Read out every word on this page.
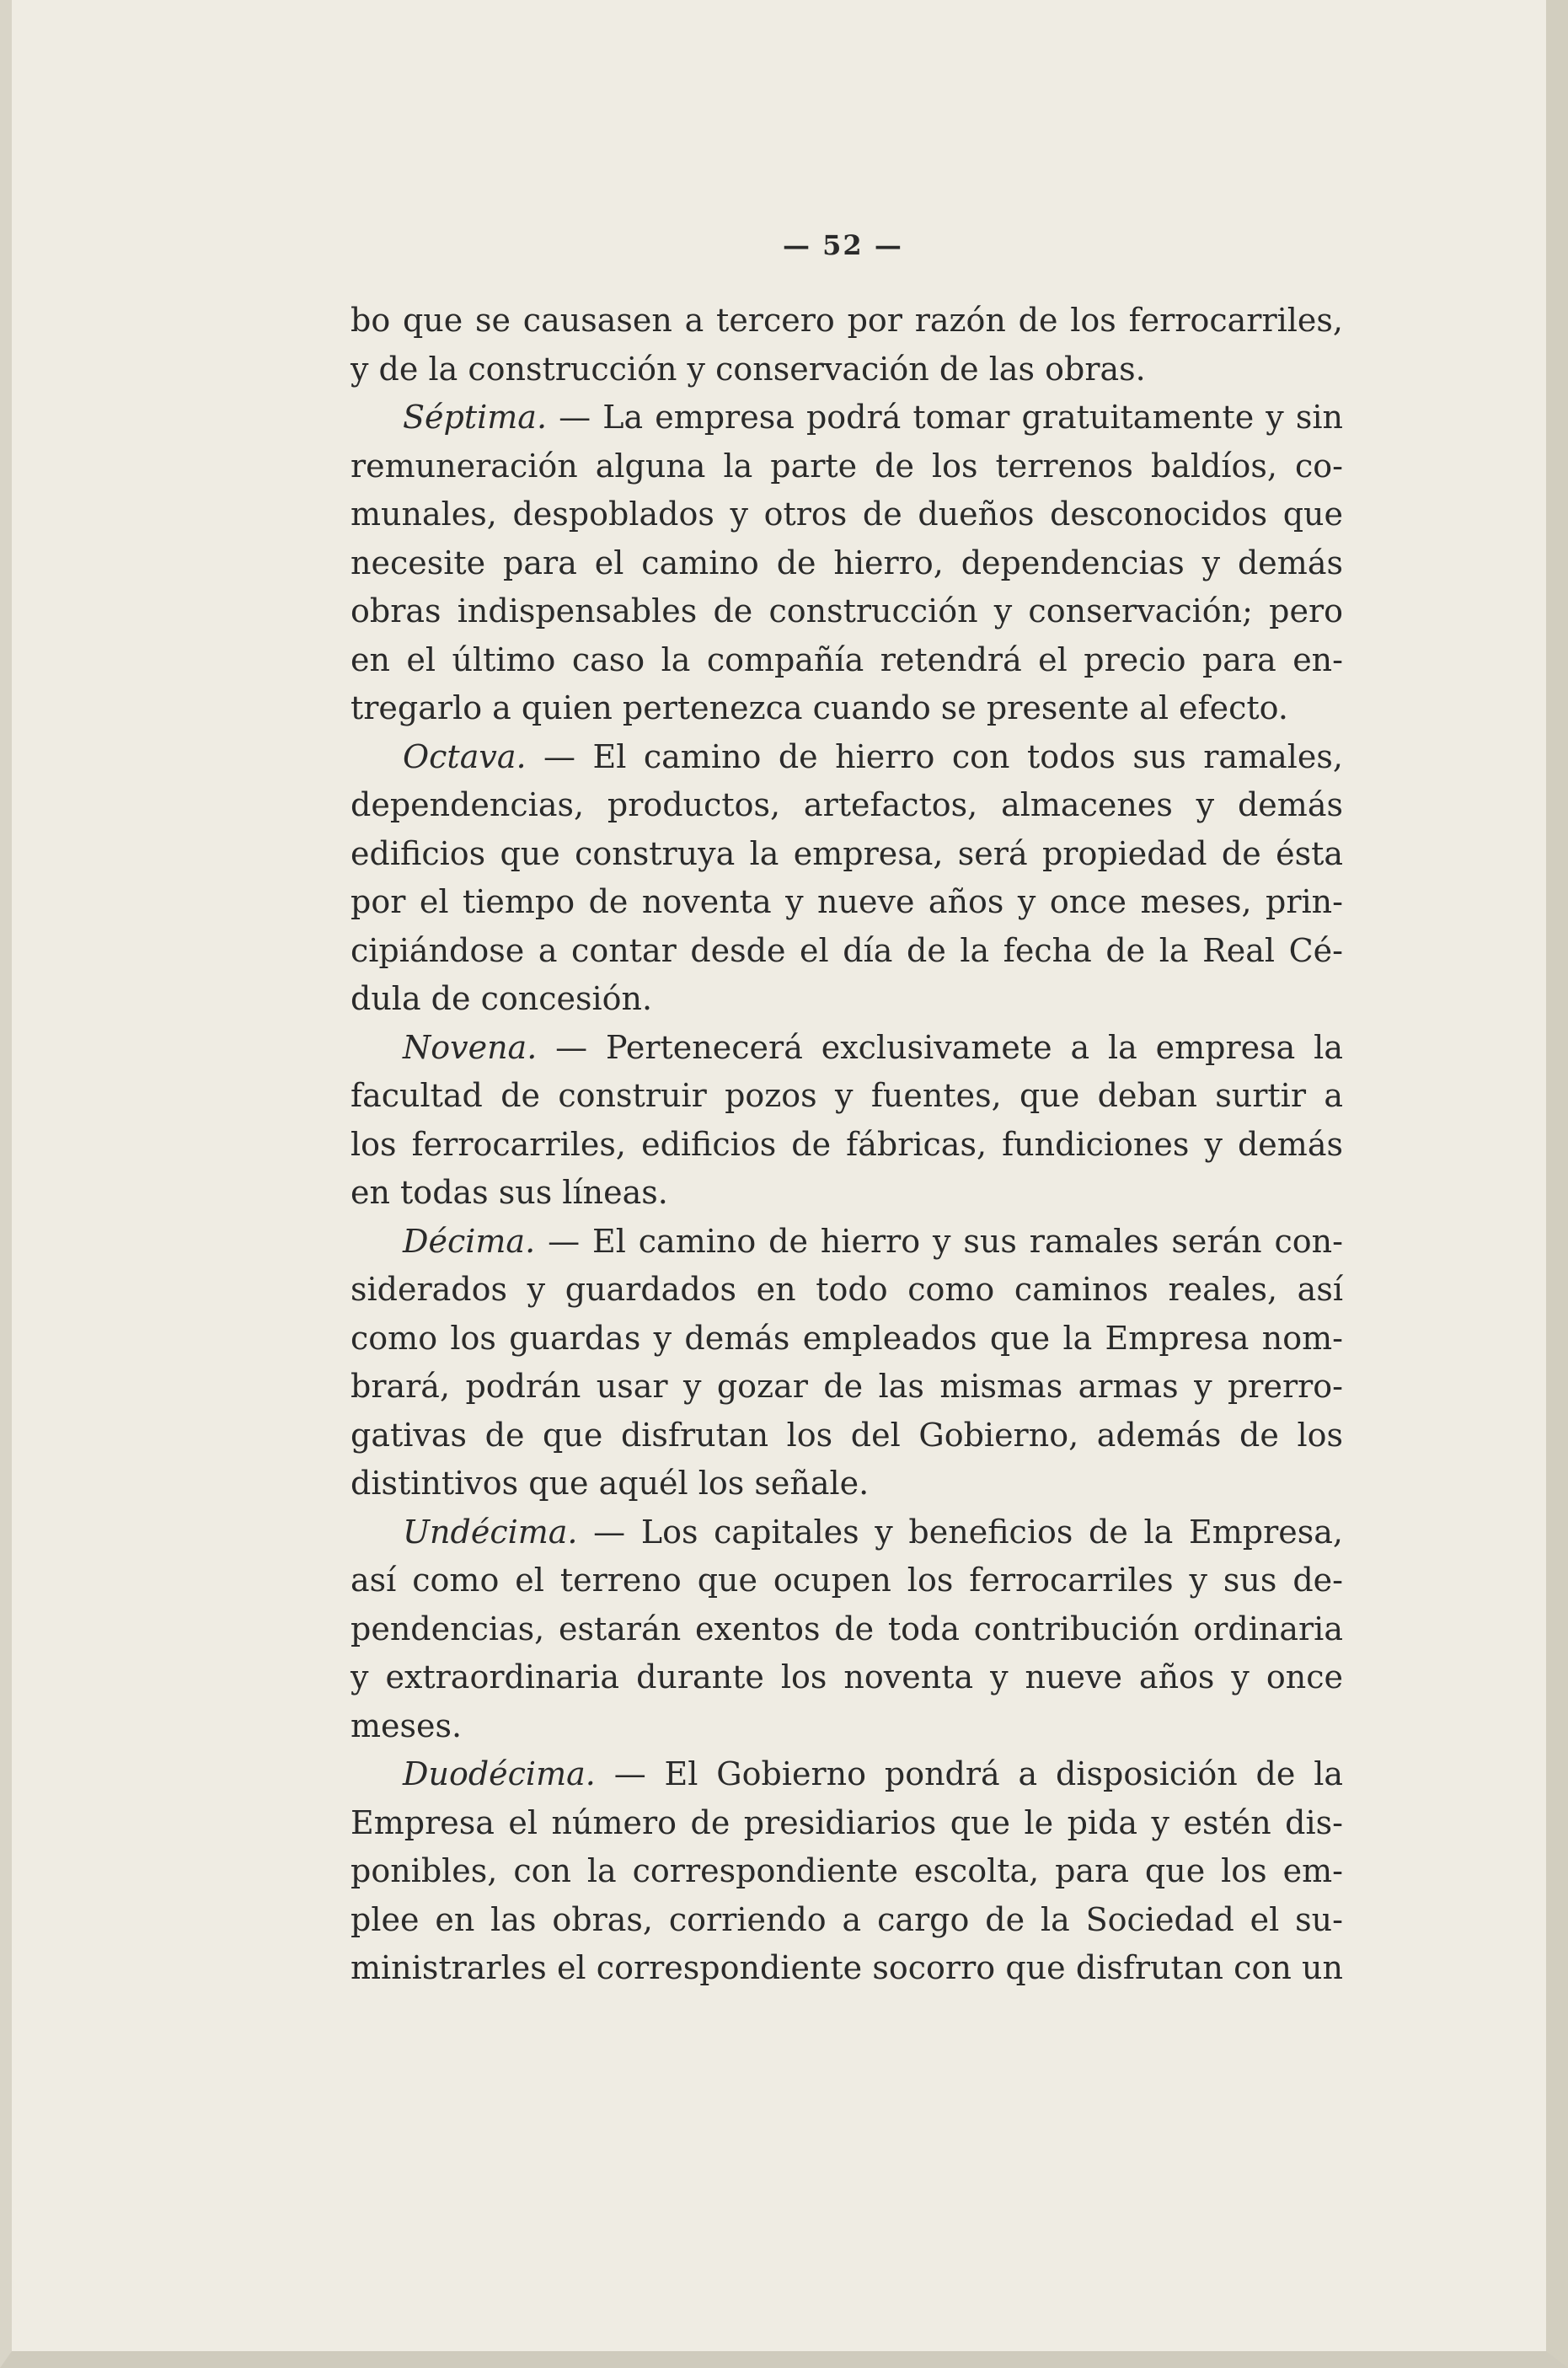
— 52 —
bo que se causasen a tercero por razón de los ferrocarriles,
y de la construcción y conservación de las obras.
Séptima. — La empresa podrá tomar gratuitamente y sin
remuneración alguna la parte de los terrenos baldíos, co-
munales, despoblados y otros de dueños desconocidos que
necesite para el camino de hierro, dependencias y demás
obras indispensables de construcción y conservación; pero
en el último caso la compañía retendrá el precio para en-
tregarlo a quien pertenezca cuando se presente al efecto.
Octava. — El camino de hierro con todos sus ramales,
dependencias, productos, artefactos, almacenes y demás
edificios que construya la empresa, será propiedad de ésta
por el tiempo de noventa y nueve años y once meses, prin-
cipiándose a contar desde el día de la fecha de la Real Cé-
dula de concesión.
Novena. — Pertenecerá exclusivamete a la empresa la
facultad de construir pozos y fuentes, que deban surtir a
los ferrocarriles, edificios de fábricas, fundiciones y demás
en todas sus líneas.
Décima. — El camino de hierro y sus ramales serán con-
siderados y guardados en todo como caminos reales, así
como los guardas y demás empleados que la Empresa nom-
brará, podrán usar y gozar de las mismas armas y prerro-
gativas de que disfrutan los del Gobierno, además de los
distintivos que aquél los señale.
Undécima. — Los capitales y beneficios de la Empresa,
así como el terreno que ocupen los ferrocarriles y sus de-
pendencias, estarán exentos de toda contribución ordinaria
y extraordinaria durante los noventa y nueve años y once
meses.
Duodécima. — El Gobierno pondrá a disposición de la
Empresa el número de presidiarios que le pida y estén dis-
ponibles, con la correspondiente escolta, para que los em-
plee en las obras, corriendo a cargo de la Sociedad el su-
ministrarles el correspondiente socorro que disfrutan con un
